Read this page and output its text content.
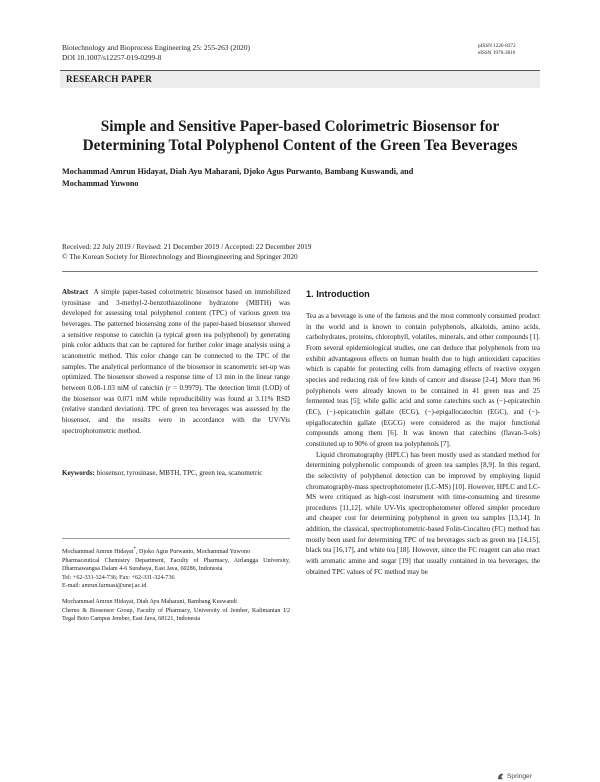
Biotechnology and Bioprocess Engineering 25: 255-263 (2020)
DOI 10.1007/s12257-019-0299-8
pISSN 1226-8372
eISSN 1976-3816
RESEARCH PAPER
Simple and Sensitive Paper-based Colorimetric Biosensor for Determining Total Polyphenol Content of the Green Tea Beverages
Mochammad Amrun Hidayat, Diah Ayu Maharani, Djoko Agus Purwanto, Bambang Kuswandi, and
Mochammad Yuwono
Received: 22 July 2019 / Revised: 21 December 2019 / Accepted: 22 December 2019
© The Korean Society for Biotechnology and Bioengineering and Springer 2020

Abstract A simple paper-based colorimetric biosensor based on immobilized tyrosinase and 3-methyl-2-benzothiazolinone hydrazone (MBTH) was developed for assessing total polyphenol content (TPC) of various green tea beverages. The patterned biosensing zone of the paper-based biosensor showed a sensitive response to catechin (a typical green tea polyphenol) by generating pink color adducts that can be captured for further color image analysis using a scanometric method. This color change can be connected to the TPC of the samples. The analytical performance of the biosensor in scanometric set-up was optimized. The biosensor showed a response time of 13 min in the linear range between 0.08-1.03 mM of catechin (r = 0.9979). The detection limit (LOD) of the biosensor was 0.071 mM while reproducibility was found at 3.11% RSD (relative standard deviation). TPC of green tea beverages was assessed by the biosensor, and the results were in accordance with the UV/Vis spectrophotometric method.

Keywords: biosensor, tyrosinase, MBTH, TPC, green tea, scanometric

Mochammad Amrun Hidayat*, Djoko Agus Purwanto, Mochammad Yuwono

Pharmaceutical Chemistry Department, Faculty of Pharmacy, Airlangga University, Dharmawangsa Dalam 4-6 Surabaya, East Java, 60286, Indonesia

Tel: +62-331-324-736; Fax: +62-331-324-736

E-mail: amrun.farmasi@unej.ac.id

Mochammad Amrun Hidayat, Diah Ayu Maharani, Bambang Kuswandi

Chemo & Biosensor Group, Faculty of Pharmacy, University of Jember, Kalimantan I/2 Tegal Boto Campus Jember, East Java, 68121, Indonesia

1. Introduction

Tea as a beverage is one of the famous and the most commonly consumed product in the world and is known to contain polyphenols, alkaloids, amino acids, carbohydrates, proteins, chlorophyll, volatiles, minerals, and other compounds [1]. From several epidemiological studies, one can deduce that polyphenols from tea exhibit advantageous effects on human health due to high antioxidant capacities which is capable for protecting cells from damaging effects of reactive oxygen species and reducing risk of few kinds of cancer and disease [2-4]. More than 96 polyphenols were already known to be contained in 41 green teas and 25 fermented teas [5]; while gallic acid and some catechins such as (−)-epicatechin (EC), (−)-epicatechin gallate (ECG), (−)-epigallocatechin (EGC), and (−)-epigallocatechin gallate (EGCG) were considered as the major functional compounds among them [6]. It was known that catechins (flavan-3-ols) constituted up to 90% of green tea polyphenols [7].

Liquid chromatography (HPLC) has been mostly used as standard method for determining polyphenolic compounds of green tea samples [8,9]. In this regard, the selectivity of polyphenol detection can be improved by employing liquid chromatography-mass spectrophotometer (LC-MS) [10]. However, HPLC and LC-MS were critiqued as high-cost instrument with time-consuming and tiresome procedures [11,12], while UV-Vis spectrophotometer offered simpler procedure and cheaper cost for determining polyphenol in green tea samples [13,14]. In addition, the classical, spectrophotometric-based Folin-Ciocalteu (FC) method has mostly been used for determining TPC of tea beverages such as green tea [14,15], black tea [16,17], and white tea [18]. However, since the FC reagent can also react with aromatic amine and sugar [19] that usually contained in tea beverages, the obtained TPC values of FC method may be

Springer
